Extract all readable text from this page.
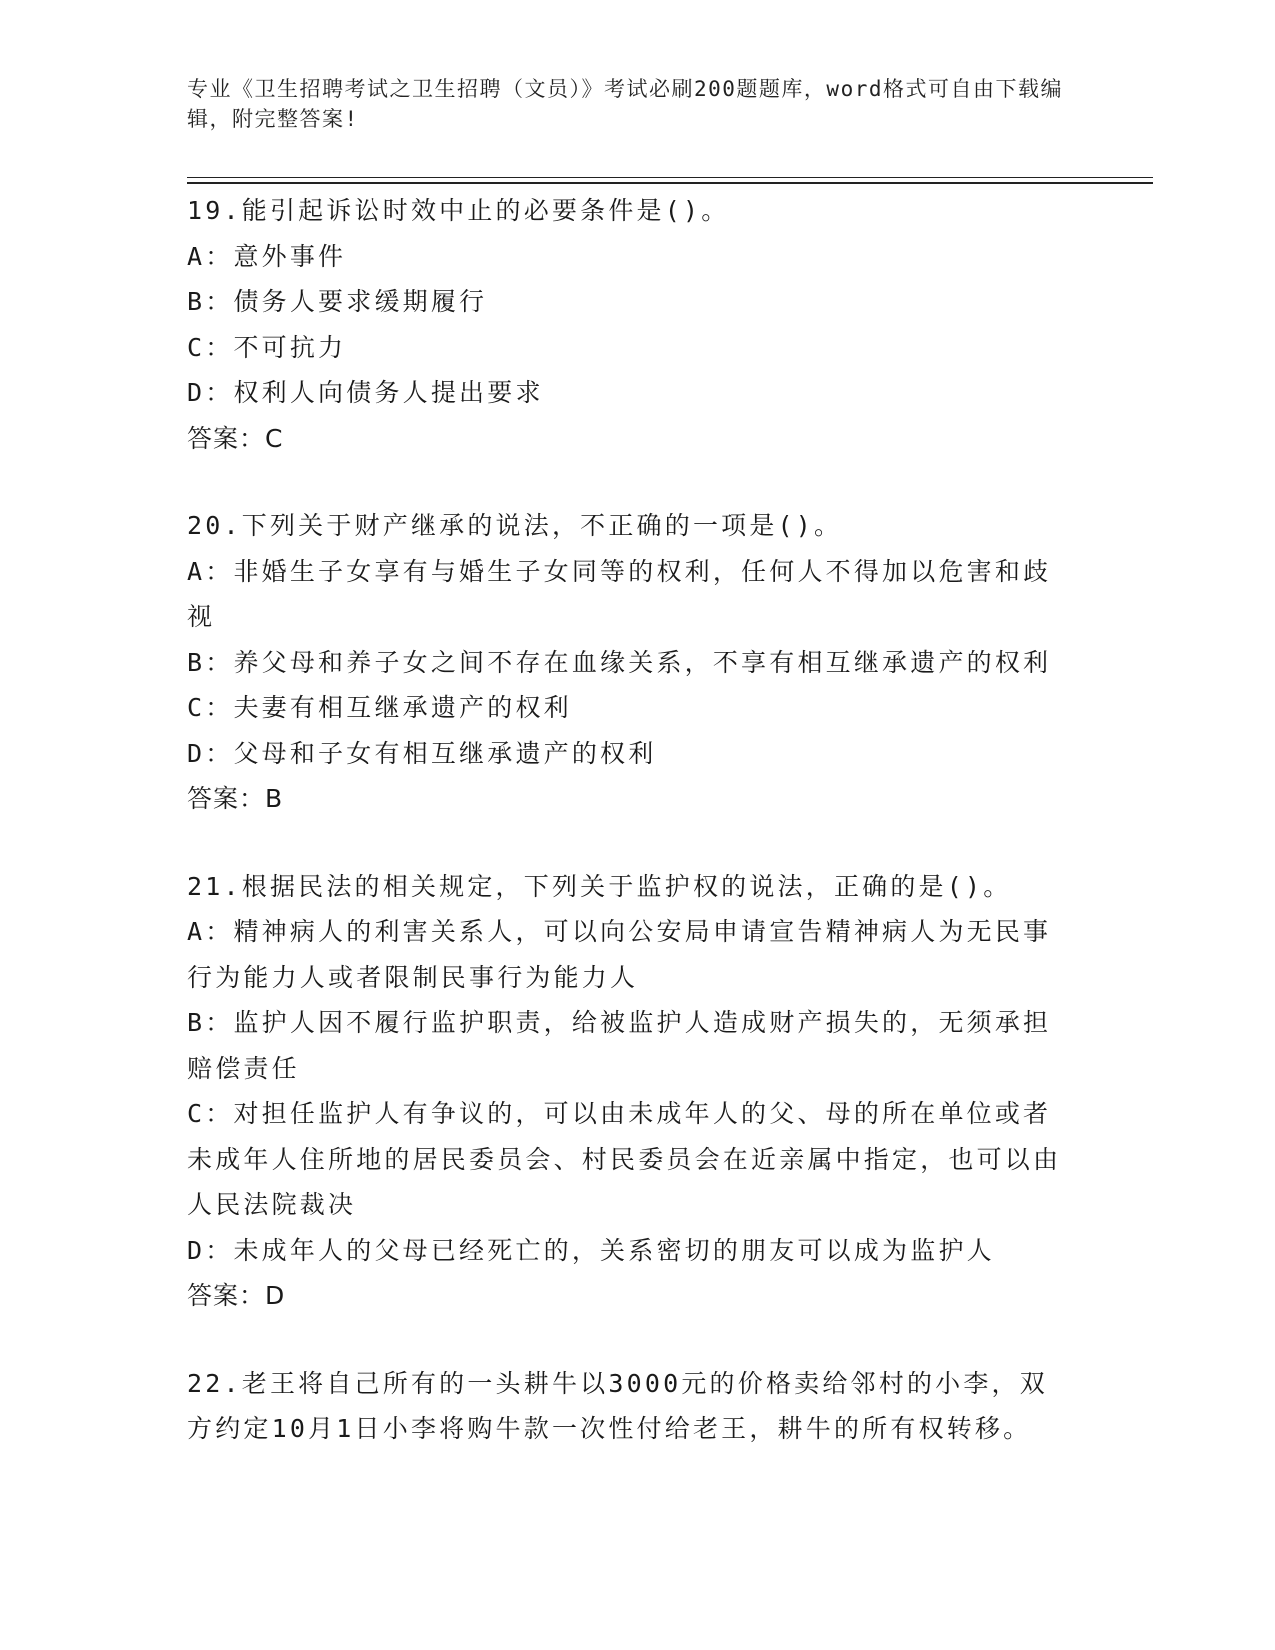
专业《卫生招聘考试之卫生招聘（文员）》考试必刷200题题库，word格式可自由下载编辑，附完整答案!
19.能引起诉讼时效中止的必要条件是()。
A：意外事件
B：债务人要求缓期履行
C：不可抗力
D：权利人向债务人提出要求
答案：C
20.下列关于财产继承的说法，不正确的一项是()。
A：非婚生子女享有与婚生子女同等的权利，任何人不得加以危害和歧视
B：养父母和养子女之间不存在血缘关系，不享有相互继承遗产的权利
C：夫妻有相互继承遗产的权利
D：父母和子女有相互继承遗产的权利
答案：B
21.根据民法的相关规定，下列关于监护权的说法，正确的是()。
A：精神病人的利害关系人，可以向公安局申请宣告精神病人为无民事行为能力人或者限制民事行为能力人
B：监护人因不履行监护职责，给被监护人造成财产损失的，无须承担赔偿责任
C：对担任监护人有争议的，可以由未成年人的父、母的所在单位或者未成年人住所地的居民委员会、村民委员会在近亲属中指定，也可以由人民法院裁决
D：未成年人的父母已经死亡的，关系密切的朋友可以成为监护人
答案：D
22.老王将自己所有的一头耕牛以3000元的价格卖给邻村的小李，双方约定10月1日小李将购牛款一次性付给老王，耕牛的所有权转移。
